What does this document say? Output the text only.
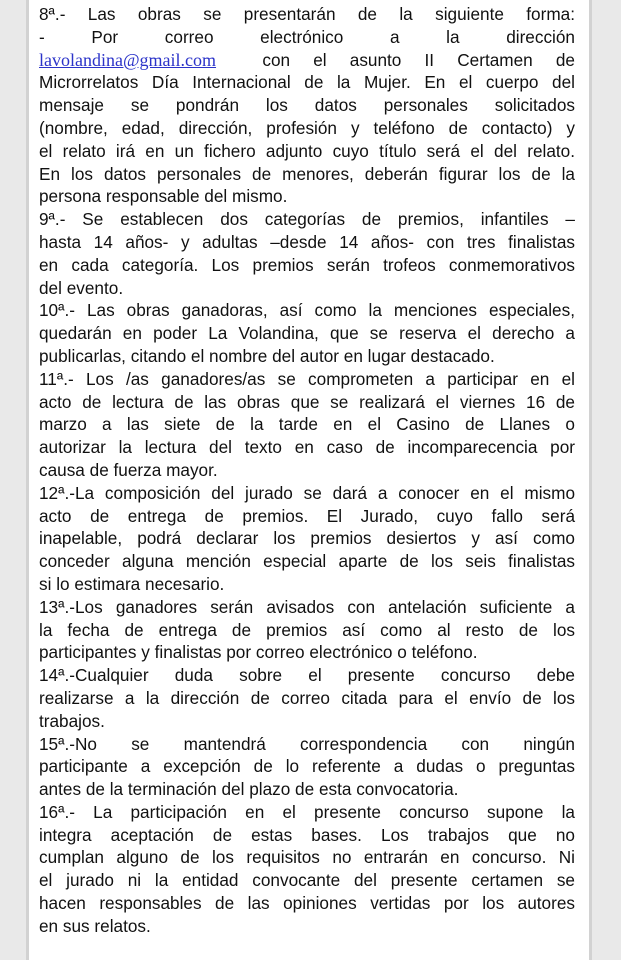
8ª.- Las obras se presentarán de la siguiente forma:
- Por correo electrónico a la dirección
lavolandina@gmail.com  con el asunto II Certamen de
Microrrelatos Día Internacional de la Mujer. En el cuerpo del
mensaje se pondrán los datos personales solicitados
(nombre, edad, dirección, profesión y teléfono de contacto) y
el relato irá en un fichero adjunto cuyo título será el del relato.
En los datos personales de menores, deberán figurar los de la
persona responsable del mismo.
9ª.- Se establecen dos categorías de premios, infantiles –
hasta 14 años- y adultas –desde 14 años- con tres finalistas
en cada categoría. Los premios serán trofeos conmemorativos
del evento.
10ª.- Las obras ganadoras, así como la menciones especiales,
quedarán en poder La Volandina, que se reserva el derecho a
publicarlas, citando el nombre del autor en lugar destacado.
11ª.- Los /as ganadores/as se comprometen a participar en el
acto de lectura de las obras que se realizará el viernes 16 de
marzo a las siete de la tarde en el Casino de Llanes o
autorizar la lectura del texto en caso de incomparecencia por
causa de fuerza mayor.
12ª.-La composición del jurado se dará a conocer en el mismo
acto de entrega de premios. El Jurado, cuyo fallo será
inapelable, podrá declarar los premios desiertos y así como
conceder alguna mención especial aparte de los seis finalistas
si lo estimara necesario.
13ª.-Los ganadores serán avisados con antelación suficiente a
la fecha de entrega de premios así como al resto de los
participantes y finalistas por correo electrónico o teléfono.
14ª.-Cualquier duda sobre el presente concurso debe
realizarse a la dirección de correo citada para el envío de los
trabajos.
15ª.-No se mantendrá correspondencia con ningún
participante a excepción de lo referente a dudas o preguntas
antes de la terminación del plazo de esta convocatoria.
16ª.- La participación en el presente concurso supone la
integra aceptación de estas bases. Los trabajos que no
cumplan alguno de los requisitos no entrarán en concurso. Ni
el jurado ni la entidad convocante del presente certamen se
hacen responsables de las opiniones vertidas por los autores
en sus relatos.
